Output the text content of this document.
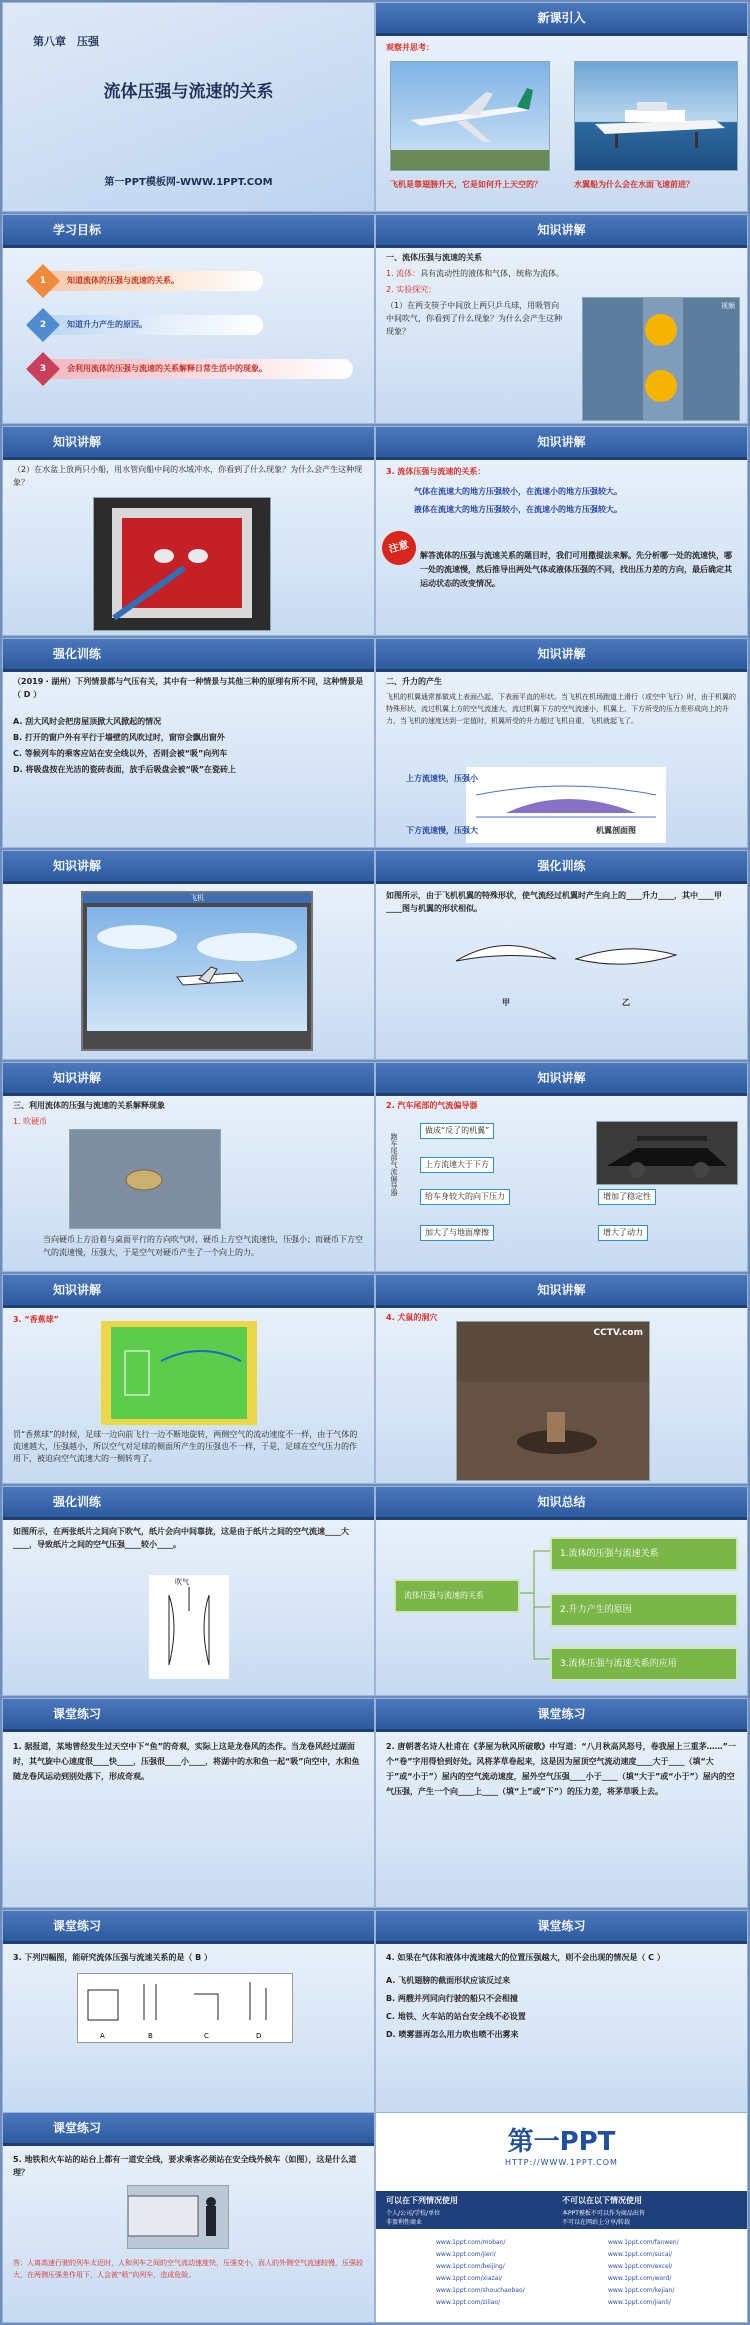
第八章　压强
流体压强与流速的关系
第一PPT模板网-WWW.1PPT.COM
新课引入
观察并思考：
飞机是靠翅膀升天，它是如何升上天空的？	水翼船为什么会在水面飞速前进？
学习目标
1	知道流体的压强与流速的关系。
2	知道升力产生的原因。
3	会利用流体的压强与流速的关系解释日常生活中的现象。
知识讲解
一、流体压强与流速的关系
1. 流体：具有流动性的液体和气体，统称为流体。
2. 实验探究：
（1）在两支筷子中间放上两只乒乓球，用吸管向中间吹气，你看到了什么现象？为什么会产生这种现象？
视频
知识讲解
（2）在水盆上放两只小船，用水管向船中间的水域冲水，你看到了什么现象？为什么会产生这种现象？
知识讲解
3. 流体压强与流速的关系：
气体在流速大的地方压强较小，在流速小的地方压强较大。
液体在流速大的地方压强较小，在流速小的地方压强较大。
注意
解答流体的压强与流速关系的题目时，我们可用撒提法来解。先分析哪一处的流速快，哪一处的流速慢，然后推导出两处气体或液体压强的不同，找出压力差的方向，最后确定其运动状态的改变情况。
强化训练
（2019・湖州）下列情景都与气压有关，其中有一种情景与其他三种的原理有所不同，这种情景是（ D ）
A. 刮大风时会把房屋顶掀大风掀起的情况
B. 打开的窗户外有平行于墙壁的风吹过时，窗帘会飘出窗外
C. 等候列车的乘客应站在安全线以外，否则会被“吸”向列车
D. 将吸盘按在光洁的瓷砖表面，放手后吸盘会被“吸”在瓷砖上
知识讲解
二、升力的产生
飞机的机翼通常都做成上表面凸起、下表面平直的形状。当飞机在机场跑道上滑行（或空中飞行）时，由于机翼的特殊形状，流过机翼上方的空气流速大，流过机翼下方的空气流速小，机翼上、下方所受的压力差形成向上的升力，当飞机的速度达到一定值时，机翼所受的升力超过飞机自重，飞机就起飞了。
上方流速快，压强小
下方流速慢，压强大	机翼剖面图
知识讲解
飞机
强化训练
如图所示，由于飞机机翼的特殊形状，使气流经过机翼时产生向上的____升力____，其中____甲____图与机翼的形状相似。
甲	乙
知识讲解
三、利用流体的压强与流速的关系解释现象
1. 吹硬币
当向硬币上方沿着与桌面平行的方向吹气时，硬币上方空气流速快，压强小；而硬币下方空气的流速慢，压强大，于是空气对硬币产生了一个向上的力。
知识讲解
2. 汽车尾部的气流偏导器
跑车尾部气流偏导器
做成“反了的机翼”
上方流速大于下方
给车身较大的向下压力
加大了与地面摩擦
增加了稳定性
增大了动力
知识讲解
3. “香蕉球”
罚“香蕉球”的时候，足球一边向前飞行一边不断地旋转，两侧空气的流动速度不一样，由于气体的流速越大，压强越小，所以空气对足球的侧面所产生的压强也不一样，于是，足球在空气压力的作用下，被迫向空气流速大的一侧转弯了。
知识讲解
4. 犬鼠的洞穴
CCTV.com
强化训练
如图所示，在两张纸片之间向下吹气，纸片会向中间靠拢，这是由于纸片之间的空气流速____大____，导致纸片之间的空气压强____较小____。
吹气
知识总结
流体压强与流速的关系
1.流体的压强与流速关系
2.升力产生的原因
3.流体压强与流速关系的应用
课堂练习
1. 据报道，某地曾经发生过天空中下“鱼”的奇观，实际上这是龙卷风的杰作。当龙卷风经过湖面时，其气旋中心速度很____快____，压强很____小____，将湖中的水和鱼一起“吸”向空中，水和鱼随龙卷风运动到别处落下，形成奇观。
课堂练习
2. 唐朝著名诗人杜甫在《茅屋为秋风所破歌》中写道：“八月秋高风怒号，卷我屋上三重茅……”一个“卷”字用得恰到好处。风将茅草卷起来，这是因为屋顶空气流动速度____大于____（填“大于”或“小于”）屋内的空气流动速度，屋外空气压强____小于____（填“大于”或“小于”）屋内的空气压强，产生一个向____上____（填“上”或“下”）的压力差，将茅草吸上去。
课堂练习
3. 下列四幅图，能研究流体压强与流速关系的是（ B ）
A	B	C	D
课堂练习
4. 如果在气体和液体中流速越大的位置压强越大，则不会出现的情况是（ C ）
A. 飞机翅膀的截面形状应该反过来
B. 两艘并列同向行驶的船只不会相撞
C. 地铁、火车站的站台安全线不必设置
D. 喷雾器再怎么用力吹也喷不出雾来
课堂练习
5. 地铁和火车站的站台上都有一道安全线，要求乘客必须站在安全线外候车（如图），这是什么道理？
答：人离高速行驶的列车太近时，人和列车之间的空气流动速度快，压强变小，而人的外侧空气流速较慢，压强较大，在两侧压强差作用下，人会被“吸”向列车，造成危险。
第一PPT
HTTP://WWW.1PPT.COM
可以在下列情况使用
个人/公司/学校/单位
非盈利性商业
不可以在以下情况使用
本PPT模板不可以作为商品出售
不可以在网站上分享/转载
www.1ppt.com/moban/
www.1ppt.com/jieri/
www.1ppt.com/beijing/
www.1ppt.com/xiazai/
www.1ppt.com/shouchaobao/
www.1ppt.com/ziliao/
www.1ppt.com/fanwen/
www.1ppt.com/sucai/
www.1ppt.com/excel/
www.1ppt.com/word/
www.1ppt.com/kejian/
www.1ppt.com/jianli/
